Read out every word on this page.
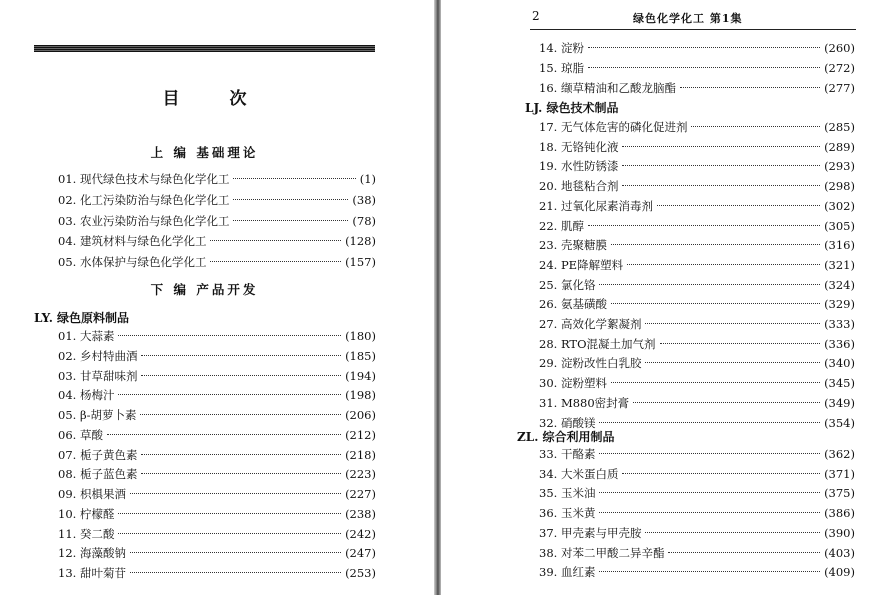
目 次
上 编 基础理论
01. 现代绿色技术与绿色化学化工	(1)
02. 化工污染防治与绿色化学化工	(38)
03. 农业污染防治与绿色化学化工	(78)
04. 建筑材料与绿色化学化工	(128)
05. 水体保护与绿色化学化工	(157)
下 编 产品开发
LY. 绿色原料制品
01. 大蒜素	(180)
02. 乡村特曲酒	(185)
03. 甘草甜味剂	(194)
04. 杨梅汁	(198)
05. β-胡萝卜素	(206)
06. 草酸	(212)
07. 栀子黄色素	(218)
08. 栀子蓝色素	(223)
09. 枳椇果酒	(227)
10. 柠檬醛	(238)
11. 癸二酸	(242)
12. 海藻酸钠	(247)
13. 甜叶菊苷	(253)
2	绿色化学化工 第1集
14. 淀粉	(260)
15. 琼脂	(272)
16. 缬草精油和乙酸龙脑酯	(277)
LJ. 绿色技术制品
17. 无气体危害的磷化促进剂	(285)
18. 无铬钝化液	(289)
19. 水性防锈漆	(293)
20. 地毯粘合剂	(298)
21. 过氧化尿素消毒剂	(302)
22. 肌醇	(305)
23. 壳聚糖膜	(316)
24. PE降解塑料	(321)
25. 氯化铬	(324)
26. 氨基磺酸	(329)
27. 高效化学絮凝剂	(333)
28. RTO混凝土加气剂	(336)
29. 淀粉改性白乳胶	(340)
30. 淀粉塑料	(345)
31. M880密封膏	(349)
32. 硝酸镁	(354)
ZL. 综合利用制品
33. 干酪素	(362)
34. 大米蛋白质	(371)
35. 玉米油	(375)
36. 玉米黄	(386)
37. 甲壳素与甲壳胺	(390)
38. 对苯二甲酸二异辛酯	(403)
39. 血红素	(409)
